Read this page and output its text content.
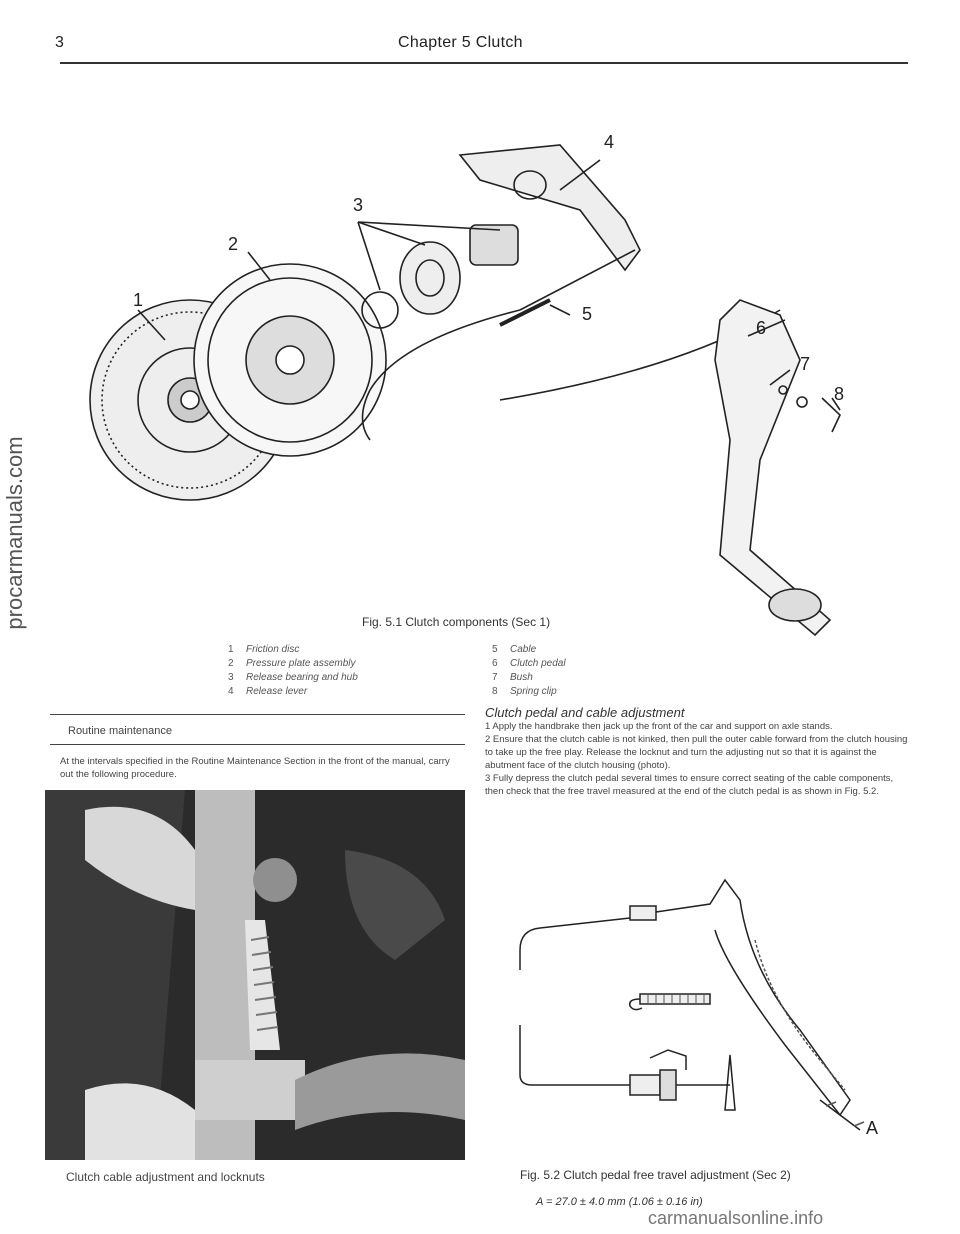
3	Chapter 5 Clutch
procarmanuals.com
carmanualsonline.info
1
2
3
4
5
6
7
8
Fig. 5.1 Clutch components (Sec 1)
1 Friction disc
2 Pressure plate assembly
3 Release bearing and hub
4 Release lever
5 Cable
6 Clutch pedal
7 Bush
8 Spring clip
Routine maintenance
At the intervals specified in the Routine Maintenance Section in the front of the manual, carry out the following procedure.
Clutch cable adjustment and locknuts
Clutch pedal and cable adjustment
1 Apply the handbrake then jack up the front of the car and support on axle stands.
2 Ensure that the clutch cable is not kinked, then pull the outer cable forward from the clutch housing to take up the free play. Release the locknut and turn the adjusting nut so that it is against the abutment face of the clutch housing (photo).
3 Fully depress the clutch pedal several times to ensure correct seating of the cable components, then check that the free travel measured at the end of the clutch pedal is as shown in Fig. 5.2.
A
Fig. 5.2 Clutch pedal free travel adjustment (Sec 2)
A = 27.0 ± 4.0 mm (1.06 ± 0.16 in)
